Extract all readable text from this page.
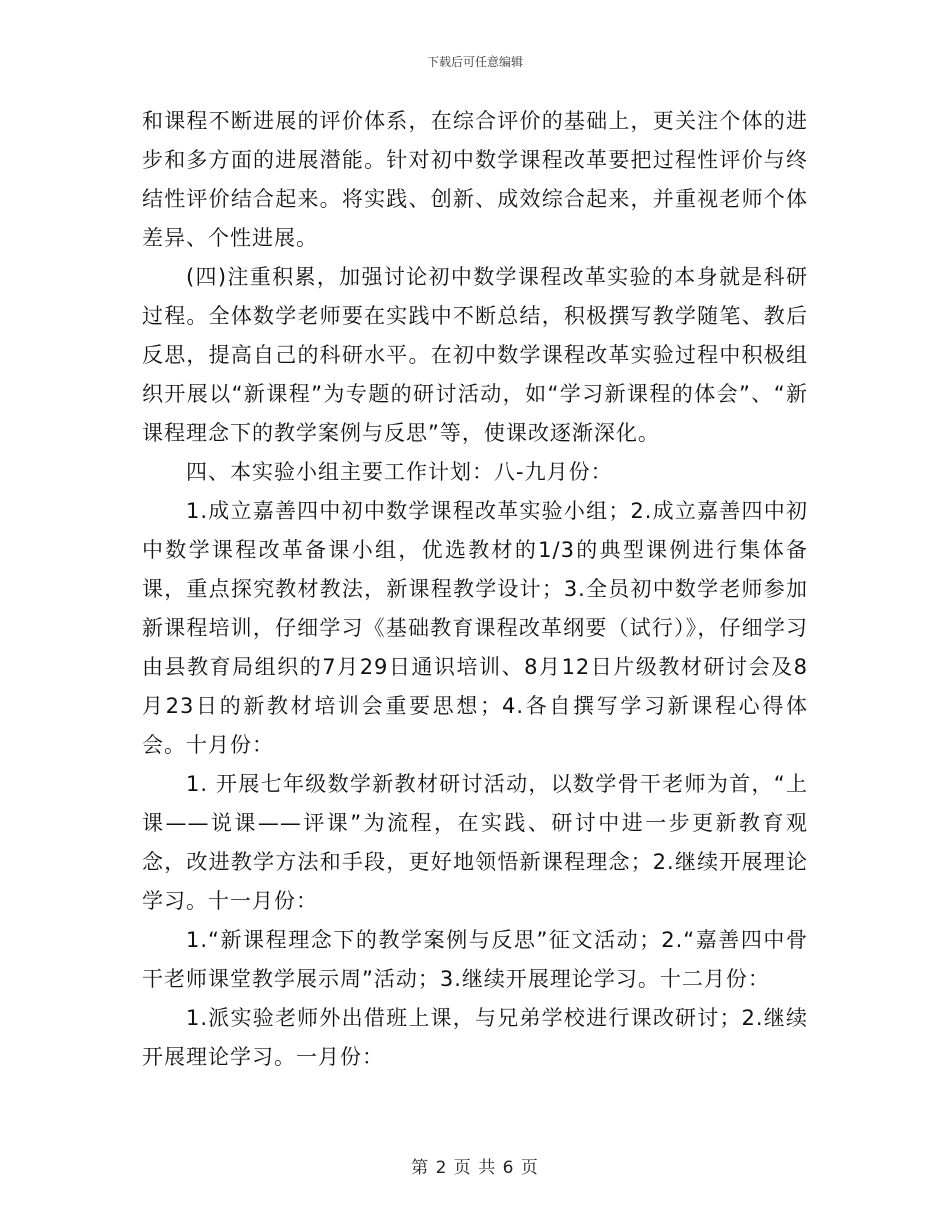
下载后可任意编辑

和课程不断进展的评价体系，在综合评价的基础上，更关注个体的进步和多方面的进展潜能。针对初中数学课程改革要把过程性评价与终结性评价结合起来。将实践、创新、成效综合起来，并重视老师个体差异、个性进展。

(四)注重积累，加强讨论初中数学课程改革实验的本身就是科研过程。全体数学老师要在实践中不断总结，积极撰写教学随笔、教后反思，提高自己的科研水平。在初中数学课程改革实验过程中积极组织开展以“新课程”为专题的研讨活动，如“学习新课程的体会”、“新课程理念下的教学案例与反思”等，使课改逐渐深化。

四、本实验小组主要工作计划：八-九月份：

1.成立嘉善四中初中数学课程改革实验小组；2.成立嘉善四中初中数学课程改革备课小组，优选教材的1/3的典型课例进行集体备课，重点探究教材教法，新课程教学设计；3.全员初中数学老师参加新课程培训，仔细学习《基础教育课程改革纲要（试行）》，仔细学习由县教育局组织的7月29日通识培训、8月12日片级教材研讨会及8月23日的新教材培训会重要思想；4.各自撰写学习新课程心得体会。十月份：

1. 开展七年级数学新教材研讨活动，以数学骨干老师为首，“上课——说课——评课”为流程，在实践、研讨中进一步更新教育观念，改进教学方法和手段，更好地领悟新课程理念；2.继续开展理论学习。十一月份：

1.“新课程理念下的教学案例与反思”征文活动；2.“嘉善四中骨干老师课堂教学展示周”活动；3.继续开展理论学习。十二月份：

1.派实验老师外出借班上课，与兄弟学校进行课改研讨；2.继续开展理论学习。一月份：

第 2 页 共 6 页
